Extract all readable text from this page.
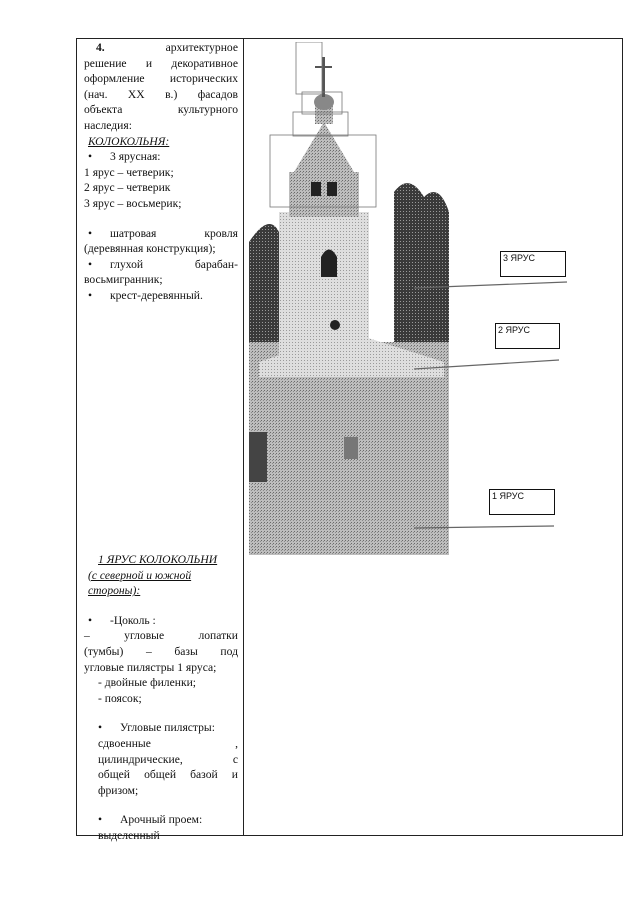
4.	архитектурное
решение и декоративное
оформление исторических
(нач. XX в.) фасадов
объекта культурного
наследия:
КОЛОКОЛЬНЯ:
• 3 ярусная:
1 ярус – четверик;
2 ярус – четверик
3 ярус – восьмерик;
• шатровая кровля
(деревянная конструкция);
• глухой барабан-
восьмигранник;
• крест-деревянный.
1 ЯРУС КОЛОКОЛЬНИ
(с северной и южной
стороны):
• -Цоколь :
– угловые лопатки
(тумбы) – базы под
угловые пилястры 1 яруса;
- двойные филенки;
- поясок;
• Угловые пилястры:
сдвоенные ,
цилиндрические, с
общей общей базой и
фризом;
• Арочный проем:
выделенный
3 ЯРУС
2 ЯРУС
1 ЯРУС
